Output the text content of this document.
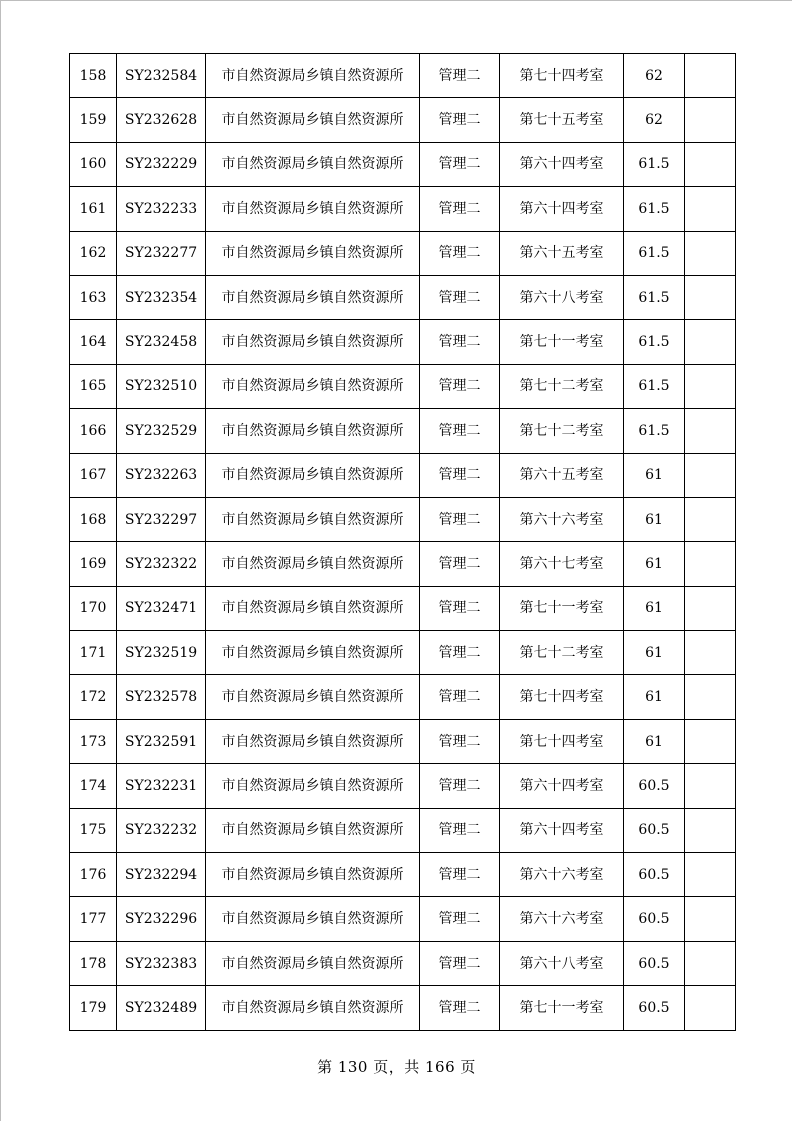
158	SY232584	市自然资源局乡镇自然资源所	管理二	第七十四考室	62	
159	SY232628	市自然资源局乡镇自然资源所	管理二	第七十五考室	62	
160	SY232229	市自然资源局乡镇自然资源所	管理二	第六十四考室	61.5	
161	SY232233	市自然资源局乡镇自然资源所	管理二	第六十四考室	61.5	
162	SY232277	市自然资源局乡镇自然资源所	管理二	第六十五考室	61.5	
163	SY232354	市自然资源局乡镇自然资源所	管理二	第六十八考室	61.5	
164	SY232458	市自然资源局乡镇自然资源所	管理二	第七十一考室	61.5	
165	SY232510	市自然资源局乡镇自然资源所	管理二	第七十二考室	61.5	
166	SY232529	市自然资源局乡镇自然资源所	管理二	第七十二考室	61.5	
167	SY232263	市自然资源局乡镇自然资源所	管理二	第六十五考室	61	
168	SY232297	市自然资源局乡镇自然资源所	管理二	第六十六考室	61	
169	SY232322	市自然资源局乡镇自然资源所	管理二	第六十七考室	61	
170	SY232471	市自然资源局乡镇自然资源所	管理二	第七十一考室	61	
171	SY232519	市自然资源局乡镇自然资源所	管理二	第七十二考室	61	
172	SY232578	市自然资源局乡镇自然资源所	管理二	第七十四考室	61	
173	SY232591	市自然资源局乡镇自然资源所	管理二	第七十四考室	61	
174	SY232231	市自然资源局乡镇自然资源所	管理二	第六十四考室	60.5	
175	SY232232	市自然资源局乡镇自然资源所	管理二	第六十四考室	60.5	
176	SY232294	市自然资源局乡镇自然资源所	管理二	第六十六考室	60.5	
177	SY232296	市自然资源局乡镇自然资源所	管理二	第六十六考室	60.5	
178	SY232383	市自然资源局乡镇自然资源所	管理二	第六十八考室	60.5	
179	SY232489	市自然资源局乡镇自然资源所	管理二	第七十一考室	60.5	
第 130 页，共 166 页
